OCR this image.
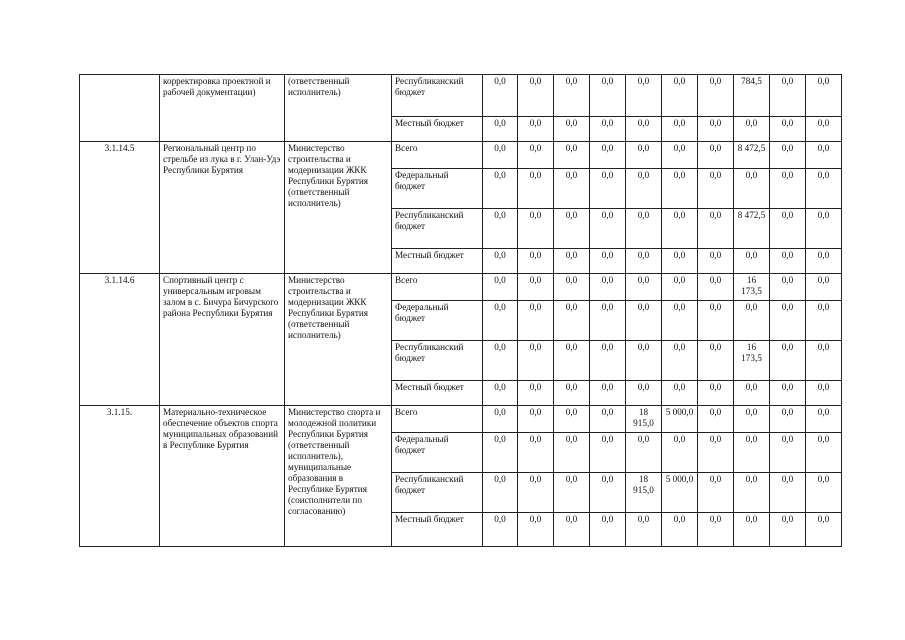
	корректировка проектной и рабочей документации)	(ответственный исполнитель)	Республиканский бюджет	0,0	0,0	0,0	0,0	0,0	0,0	0,0	784,5	0,0	0,0
			Местный бюджет	0,0	0,0	0,0	0,0	0,0	0,0	0,0	0,0	0,0	0,0
3.1.14.5	Региональный центр по стрельбе из лука в г. Улан-Удэ Республики Бурятия	Министерство строительства и модернизации ЖКК Республики Бурятия (ответственный исполнитель)	Всего	0,0	0,0	0,0	0,0	0,0	0,0	0,0	8 472,5	0,0	0,0
			Федеральный бюджет	0,0	0,0	0,0	0,0	0,0	0,0	0,0	0,0	0,0	0,0
			Республиканский бюджет	0,0	0,0	0,0	0,0	0,0	0,0	0,0	8 472,5	0,0	0,0
			Местный бюджет	0,0	0,0	0,0	0,0	0,0	0,0	0,0	0,0	0,0	0,0
3.1.14.6	Спортивный центр с универсальным игровым залом в с. Бичура Бичурского района Республики Бурятия	Министерство строительства и модернизации ЖКК Республики Бурятия (ответственный исполнитель)	Всего	0,0	0,0	0,0	0,0	0,0	0,0	0,0	16 173,5	0,0	0,0
			Федеральный бюджет	0,0	0,0	0,0	0,0	0,0	0,0	0,0	0,0	0,0	0,0
			Республиканский бюджет	0,0	0,0	0,0	0,0	0,0	0,0	0,0	16 173,5	0,0	0,0
			Местный бюджет	0,0	0,0	0,0	0,0	0,0	0,0	0,0	0,0	0,0	0,0
3.1.15.	Материально-техническое обеспечение объектов спорта муниципальных образований в Республике Бурятия	Министерство спорта и молодежной политики Республики Бурятия (ответственный исполнитель), муниципальные образования в Республике Бурятия (соисполнители по согласованию)	Всего	0,0	0,0	0,0	0,0	18 915,0	5 000,0	0,0	0,0	0,0	0,0
			Федеральный бюджет	0,0	0,0	0,0	0,0	0,0	0,0	0,0	0,0	0,0	0,0
			Республиканский бюджет	0,0	0,0	0,0	0,0	18 915,0	5 000,0	0,0	0,0	0,0	0,0
			Местный бюджет	0,0	0,0	0,0	0,0	0,0	0,0	0,0	0,0	0,0	0,0
